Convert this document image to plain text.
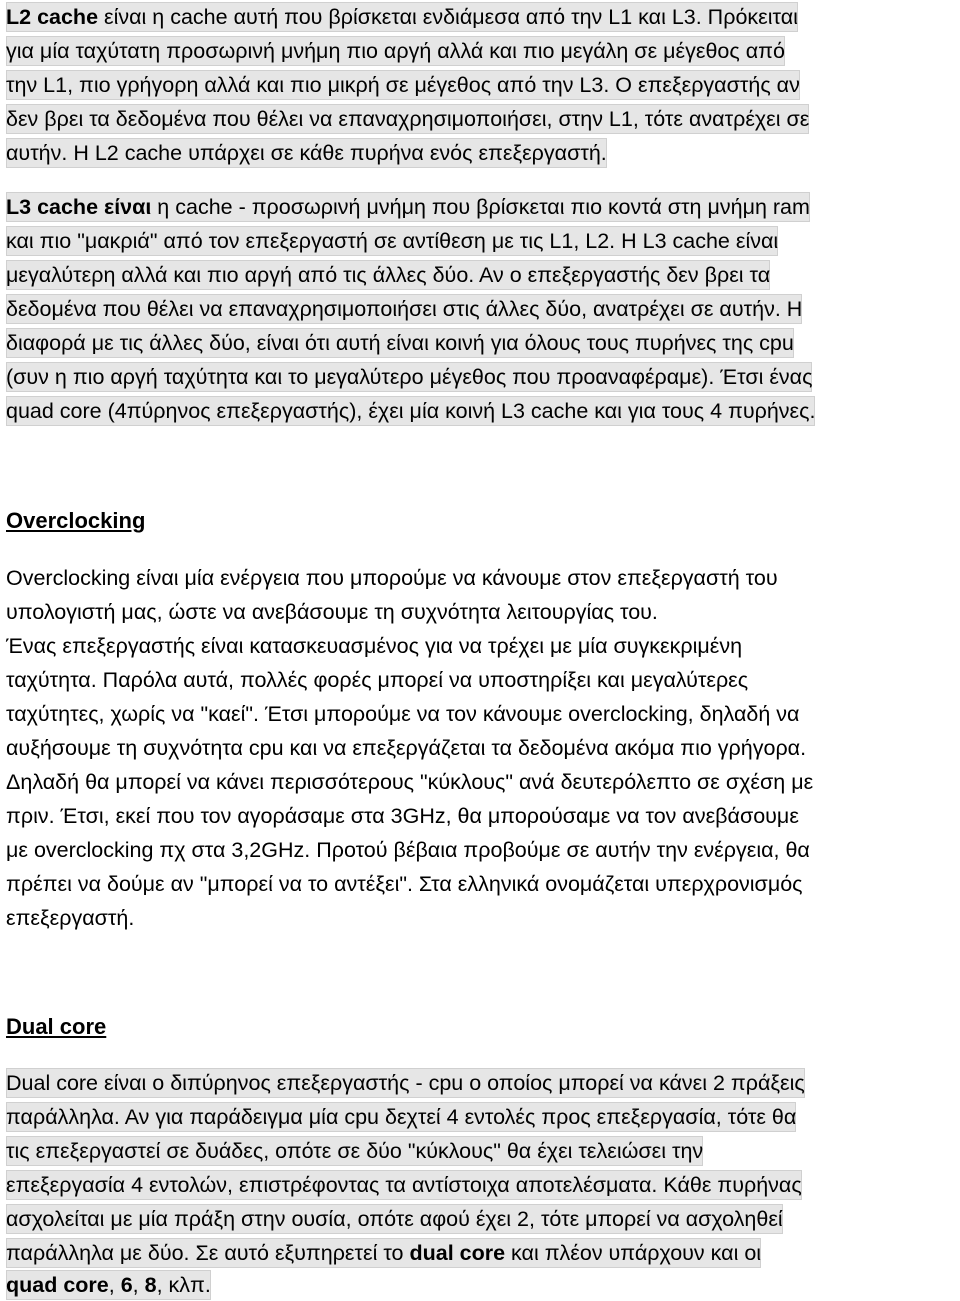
L2 cache είναι η cache αυτή που βρίσκεται ενδιάμεσα από την L1 και L3. Πρόκειται

για μία ταχύτατη προσωρινή μνήμη πιο αργή αλλά και πιο μεγάλη σε μέγεθος από

την L1, πιο γρήγορη αλλά και πιο μικρή σε μέγεθος από την L3. Ο επεξεργαστής αν

δεν βρει τα δεδομένα που θέλει να επαναχρησιμοποιήσει, στην L1, τότε ανατρέχει σε

αυτήν. Η L2 cache υπάρχει σε κάθε πυρήνα ενός επεξεργαστή.

L3 cache είναι η cache - προσωρινή μνήμη που βρίσκεται πιο κοντά στη μνήμη ram

και πιο "μακριά" από τον επεξεργαστή σε αντίθεση με τις L1, L2. Η L3 cache είναι

μεγαλύτερη αλλά και πιο αργή από τις άλλες δύο. Αν ο επεξεργαστής δεν βρει τα

δεδομένα που θέλει να επαναχρησιμοποιήσει στις άλλες δύο, ανατρέχει σε αυτήν. Η

διαφορά με τις άλλες δύο, είναι ότι αυτή είναι κοινή για όλους τους πυρήνες της cpu

(συν η πιο αργή ταχύτητα και το μεγαλύτερο μέγεθος που προαναφέραμε). Έτσι ένας

quad core (4πύρηνος επεξεργαστής), έχει μία κοινή L3 cache και για τους 4 πυρήνες.

Overclocking

Overclocking είναι μία ενέργεια που μπορούμε να κάνουμε στον επεξεργαστή του

υπολογιστή μας, ώστε να ανεβάσουμε τη συχνότητα λειτουργίας του.

Ένας επεξεργαστής είναι κατασκευασμένος για να τρέχει με μία συγκεκριμένη

ταχύτητα. Παρόλα αυτά, πολλές φορές μπορεί να υποστηρίξει και μεγαλύτερες

ταχύτητες, χωρίς να "καεί". Έτσι μπορούμε να τον κάνουμε overclocking, δηλαδή να

αυξήσουμε τη συχνότητα cpu και να επεξεργάζεται τα δεδομένα ακόμα πιο γρήγορα.

Δηλαδή θα μπορεί να κάνει περισσότερους "κύκλους" ανά δευτερόλεπτο σε σχέση με

πριν. Έτσι, εκεί που τον αγοράσαμε στα 3GHz, θα μπορούσαμε να τον ανεβάσουμε

με overclocking πχ στα 3,2GHz. Προτού βέβαια προβούμε σε αυτήν την ενέργεια, θα

πρέπει να δούμε αν "μπορεί να το αντέξει". Στα ελληνικά ονομάζεται υπερχρονισμός

επεξεργαστή.

Dual core

Dual core είναι ο διπύρηνος επεξεργαστής - cpu ο οποίος μπορεί να κάνει 2 πράξεις

παράλληλα. Αν για παράδειγμα μία cpu δεχτεί 4 εντολές προς επεξεργασία, τότε θα

τις επεξεργαστεί σε δυάδες, οπότε σε δύο "κύκλους" θα έχει τελειώσει την

επεξεργασία 4 εντολών, επιστρέφοντας τα αντίστοιχα αποτελέσματα. Κάθε πυρήνας

ασχολείται με μία πράξη στην ουσία, οπότε αφού έχει 2, τότε μπορεί να ασχοληθεί

παράλληλα με δύο. Σε αυτό εξυπηρετεί το dual core και πλέον υπάρχουν και οι

quad core, 6, 8, κλπ.
